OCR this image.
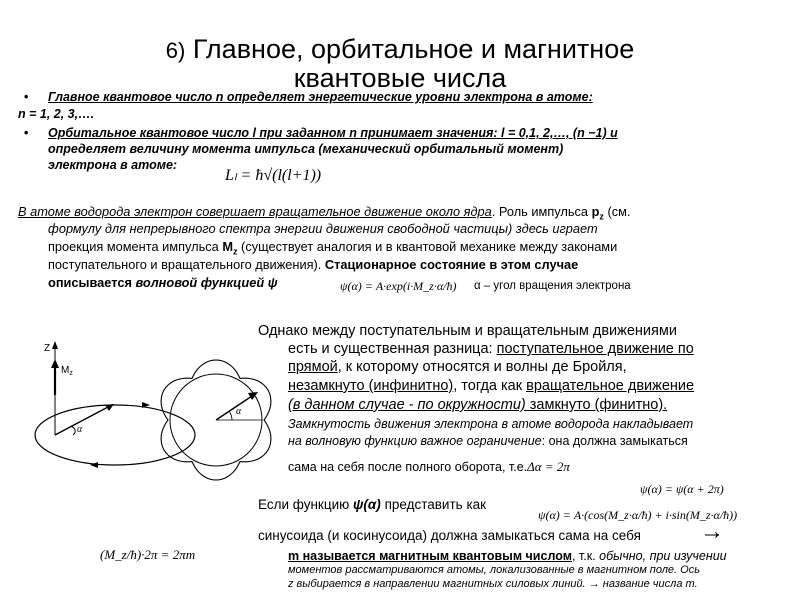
6) Главное, орбитальное и магнитное
квантовые числа
• Главное квантовое число n определяет энергетические уровни электрона в атоме:
n = 1, 2, 3,….
• Орбитальное квантовое число l при заданном n принимает значения: l = 0,1, 2,…, (n −1) и
определяет величину момента импульса (механический орбитальный момент)
электрона в атоме:
Lₗ = ħ√(l(l+1))
В атоме водорода электрон совершает вращательное движение около ядра. Роль импульса $p_z$ (см.
формулу для непрерывного спектра энергии движения свободной частицы) здесь играет
проекция момента импульса $M_z$ (существует аналогия и в квантовой механике между законами
поступательного и вращательного движения). Стационарное состояние в этом случае
описывается волновой функцией ψ	ψ(α) = A·exp(i·M_z·α/ħ) α – угол вращения электрона
Z
$M_z$
α
α
Однако между поступательным и вращательным движениями
есть и существенная разница: поступательное движение по
прямой, к которому относятся и волны де Бройля,
незамкнуто (инфинитно), тогда как вращательное движение
(в данном случае - по окружности) замкнуто (финитно).
Замкнутость движения электрона в атоме водорода накладывает
на волновую функцию важное ограничение: она должна замыкаться
сама на себя после полного оборота, т.е.Δα = 2π
ψ(α) = ψ(α + 2π)
Если функцию ψ(α) представить как
ψ(α) = A·(cos(M_z·α/ħ) + i·sin(M_z·α/ħ))
синусоида (и косинусоида) должна замыкаться сама на себя →
(M_z/ħ)·2π = 2πm	m называется магнитным квантовым числом, т.к. обычно, при изучении
моментов рассматриваются атомы, локализованные в магнитном поле. Ось
z выбирается в направлении магнитных силовых линий. → название числа m.
